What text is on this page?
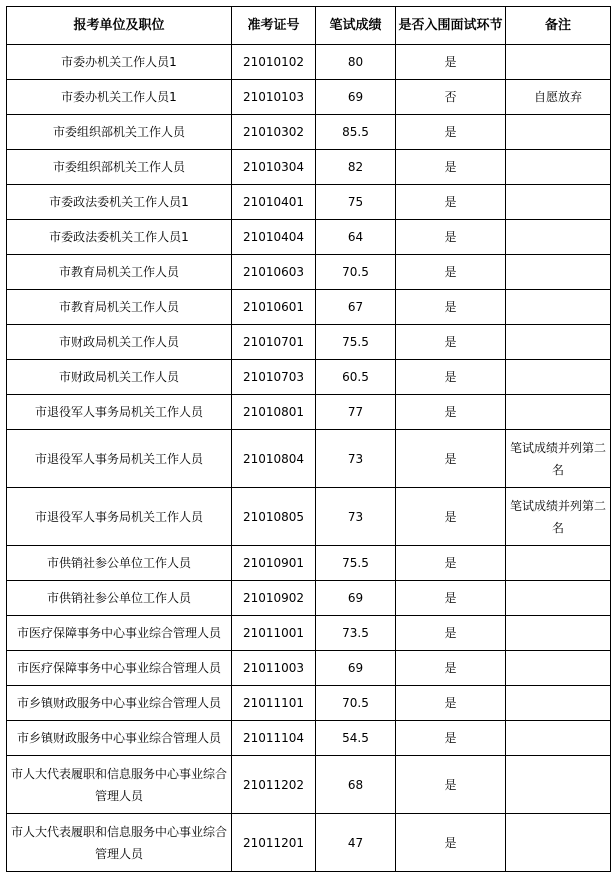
报考单位及职位	准考证号	笔试成绩	是否入围面试环节	备注
市委办机关工作人员1	21010102	80	是	
市委办机关工作人员1	21010103	69	否	自愿放弃
市委组织部机关工作人员	21010302	85.5	是	
市委组织部机关工作人员	21010304	82	是	
市委政法委机关工作人员1	21010401	75	是	
市委政法委机关工作人员1	21010404	64	是	
市教育局机关工作人员	21010603	70.5	是	
市教育局机关工作人员	21010601	67	是	
市财政局机关工作人员	21010701	75.5	是	
市财政局机关工作人员	21010703	60.5	是	
市退役军人事务局机关工作人员	21010801	77	是	
市退役军人事务局机关工作人员	21010804	73	是	笔试成绩并列第二名
市退役军人事务局机关工作人员	21010805	73	是	笔试成绩并列第二名
市供销社参公单位工作人员	21010901	75.5	是	
市供销社参公单位工作人员	21010902	69	是	
市医疗保障事务中心事业综合管理人员	21011001	73.5	是	
市医疗保障事务中心事业综合管理人员	21011003	69	是	
市乡镇财政服务中心事业综合管理人员	21011101	70.5	是	
市乡镇财政服务中心事业综合管理人员	21011104	54.5	是	
市人大代表履职和信息服务中心事业综合管理人员	21011202	68	是	
市人大代表履职和信息服务中心事业综合管理人员	21011201	47	是	
